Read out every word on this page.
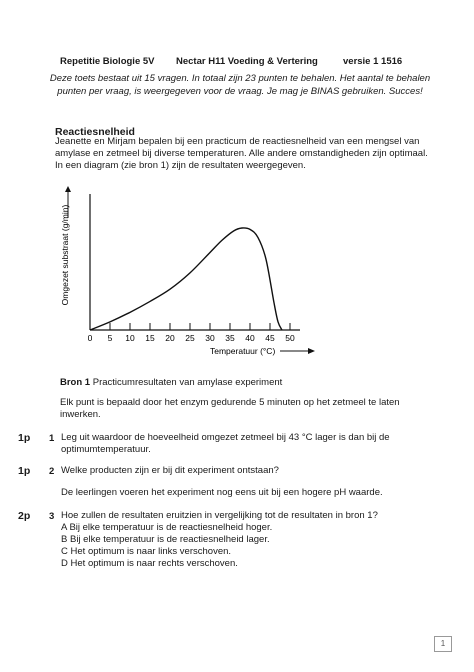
Repetitie Biologie 5V Nectar H11 Voeding & Vertering	versie 1 1516
Deze toets bestaat uit 15 vragen. In totaal zijn 23 punten te behalen. Het aantal te behalen punten per vraag, is weergegeven voor de vraag. Je mag je BINAS gebruiken. Succes!
Reactiesnelheid
Jeanette en Mirjam bepalen bij een practicum de reactiesnelheid van een mengsel van amylase en zetmeel bij diverse temperaturen. Alle andere omstandigheden zijn optimaal. In een diagram (zie bron 1) zijn de resultaten weergegeven.
0 5 10 15 20 25 30 35 40 45 50
Omgezet substraat (g/min)
Temperatuur (°C)
Bron 1 Practicumresultaten van amylase experiment
Elk punt is bepaald door het enzym gedurende 5 minuten op het zetmeel te laten
inwerken.
1p 1 Leg uit waardoor de hoeveelheid omgezet zetmeel bij 43 °C lager is dan bij de
optimumtemperatuur.
1p 2 Welke producten zijn er bij dit experiment ontstaan?
De leerlingen voeren het experiment nog eens uit bij een hogere pH waarde.
2p 3 Hoe zullen de resultaten eruitzien in vergelijking tot de resultaten in bron 1?
A Bij elke temperatuur is de reactiesnelheid hoger.
B Bij elke temperatuur is de reactiesnelheid lager.
C Het optimum is naar links verschoven.
D Het optimum is naar rechts verschoven.
1
